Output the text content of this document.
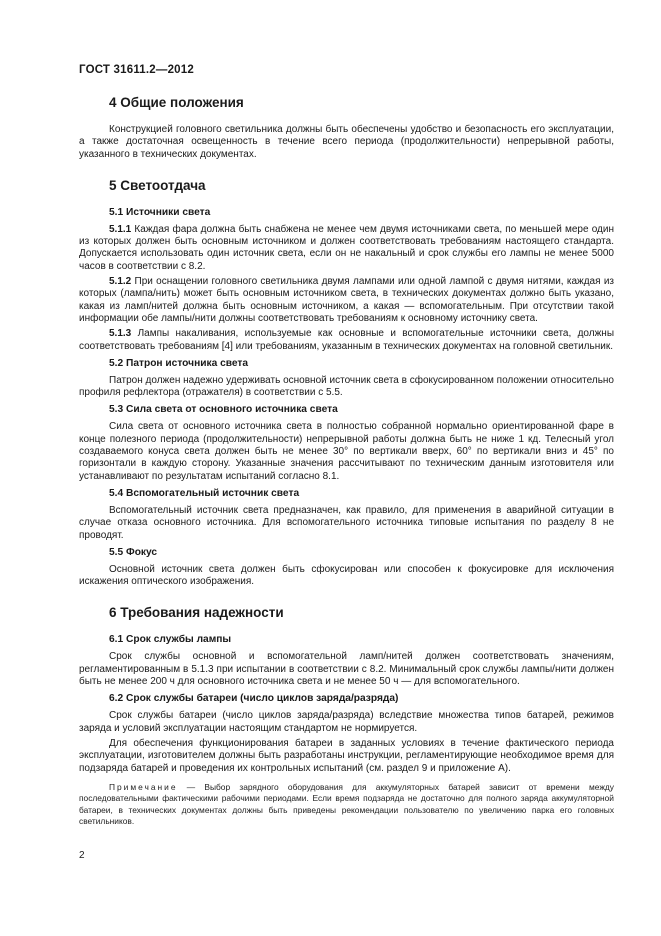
ГОСТ 31611.2—2012
4 Общие положения

Конструкцией головного светильника должны быть обеспечены удобство и безопасность его эксплуатации, а также достаточная освещенность в течение всего периода (продолжительности) непрерывной работы, указанного в технических документах.

5 Светоотдача
5.1 Источники света

5.1.1 Каждая фара должна быть снабжена не менее чем двумя источниками света, по меньшей мере один из которых должен быть основным источником и должен соответствовать требованиям настоящего стандарта. Допускается использовать один источник света, если он не накальный и срок службы его лампы не менее 5000 часов в соответствии с 8.2.

5.1.2 При оснащении головного светильника двумя лампами или одной лампой с двумя нитями, каждая из которых (лампа/нить) может быть основным источником света, в технических документах должно быть указано, какая из ламп/нитей должна быть основным источником, а какая — вспомогательным. При отсутствии такой информации обе лампы/нити должны соответствовать требованиям к основному источнику света.

5.1.3 Лампы накаливания, используемые как основные и вспомогательные источники света, должны соответствовать требованиям [4] или требованиям, указанным в технических документах на головной светильник.

5.2 Патрон источника света

Патрон должен надежно удерживать основной источник света в сфокусированном положении относительно профиля рефлектора (отражателя) в соответствии с 5.5.

5.3 Сила света от основного источника света

Сила света от основного источника света в полностью собранной нормально ориентированной фаре в конце полезного периода (продолжительности) непрерывной работы должна быть не ниже 1 кд. Телесный угол создаваемого конуса света должен быть не менее 30° по вертикали вверх, 60° по вертикали вниз и 45° по горизонтали в каждую сторону. Указанные значения рассчитывают по техническим данным изготовителя или устанавливают по результатам испытаний согласно 8.1.

5.4 Вспомогательный источник света

Вспомогательный источник света предназначен, как правило, для применения в аварийной ситуации в случае отказа основного источника. Для вспомогательного источника типовые испытания по разделу 8 не проводят.

5.5 Фокус

Основной источник света должен быть сфокусирован или способен к фокусировке для исключения искажения оптического изображения.

6 Требования надежности
6.1 Срок службы лампы

Срок службы основной и вспомогательной ламп/нитей должен соответствовать значениям, регламентированным в 5.1.3 при испытании в соответствии с 8.2. Минимальный срок службы лампы/нити должен быть не менее 200 ч для основного источника света и не менее 50 ч — для вспомогательного.

6.2 Срок службы батареи (число циклов заряда/разряда)

Срок службы батареи (число циклов заряда/разряда) вследствие множества типов батарей, режимов заряда и условий эксплуатации настоящим стандартом не нормируется.

Для обеспечения функционирования батареи в заданных условиях в течение фактического периода эксплуатации, изготовителем должны быть разработаны инструкции, регламентирующие необходимое время для подзаряда батарей и проведения их контрольных испытаний (см. раздел 9 и приложение А).

Примечание — Выбор зарядного оборудования для аккумуляторных батарей зависит от времени между последовательными фактическими рабочими периодами. Если время подзаряда не достаточно для полного заряда аккумуляторной батареи, в технических документах должны быть приведены рекомендации пользователю по увеличению парка его головных светильников.
2
